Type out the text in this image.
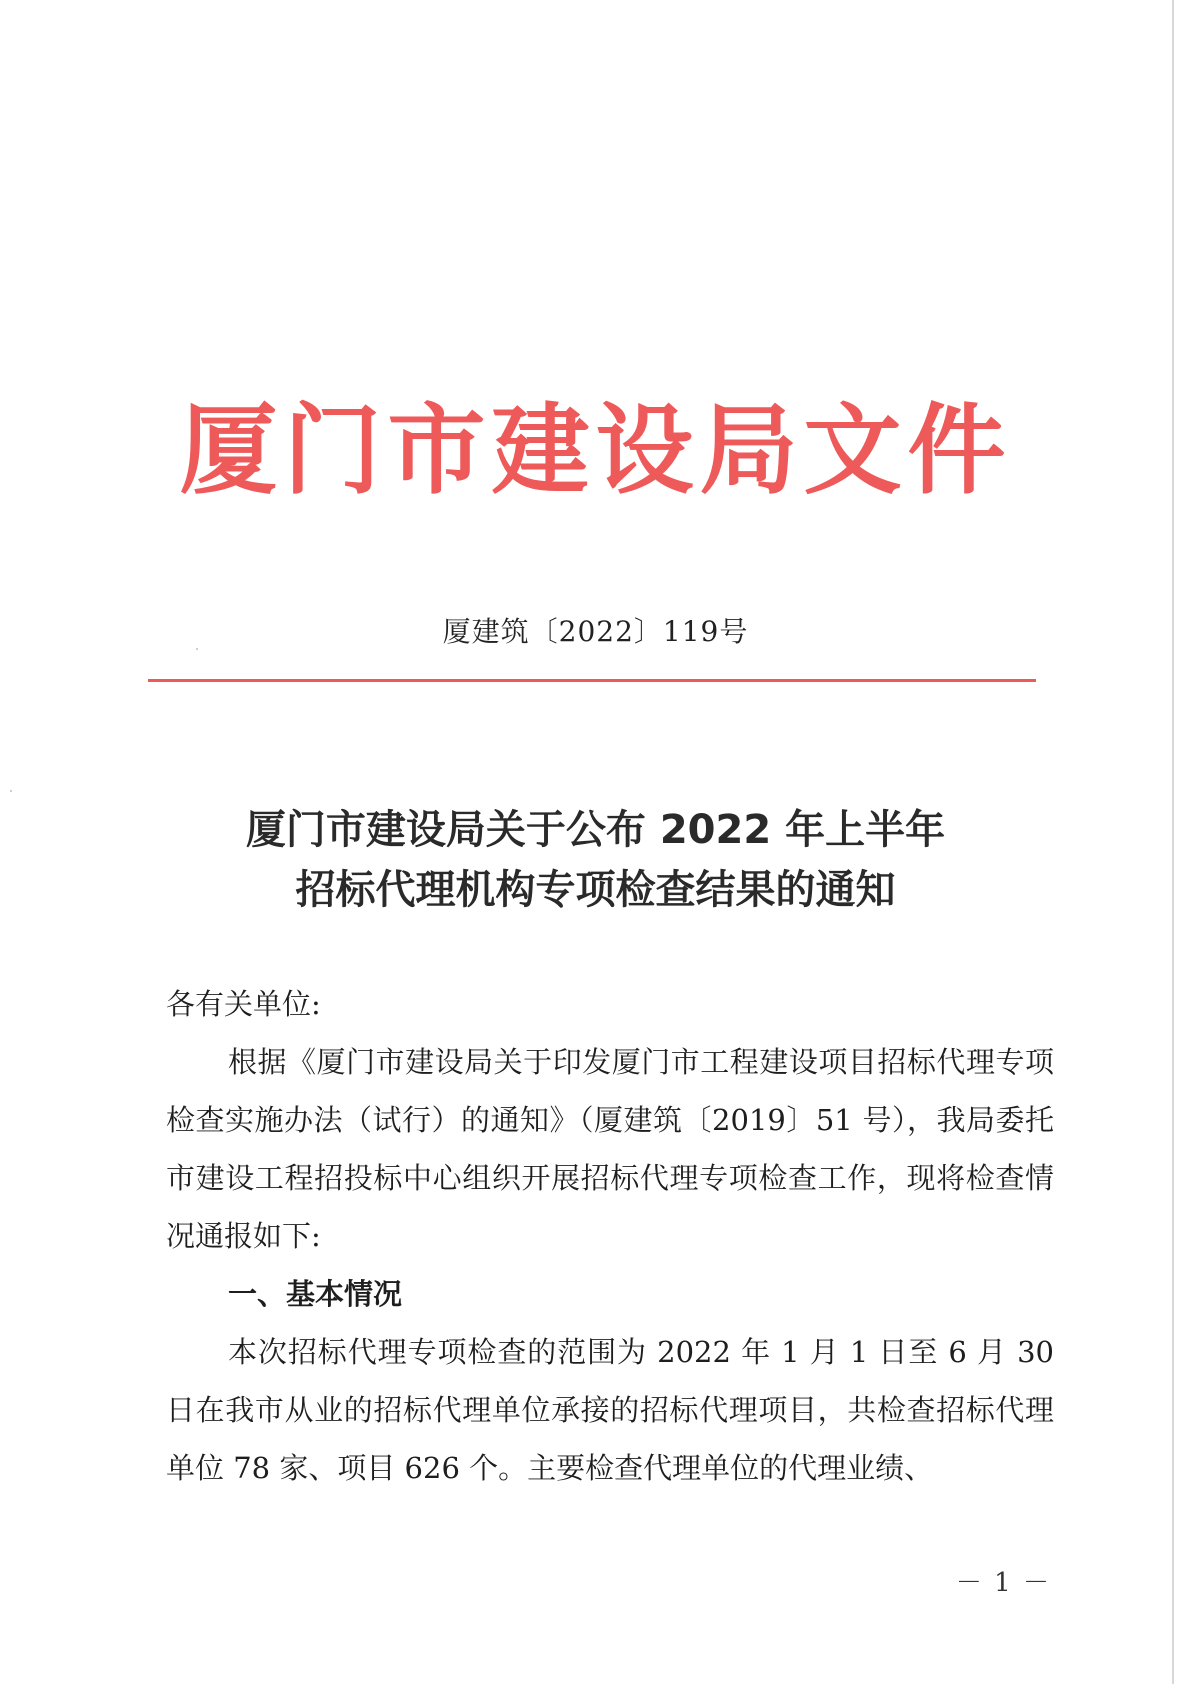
厦门市建设局文件
厦建筑〔2022〕119号
厦门市建设局关于公布 2022 年上半年
招标代理机构专项检查结果的通知

各有关单位:

根据《厦门市建设局关于印发厦门市工程建设项目招标代理专项检查实施办法（试行）的通知》（厦建筑〔2019〕51 号），我局委托市建设工程招投标中心组织开展招标代理专项检查工作，现将检查情况通报如下:

一、基本情况

本次招标代理专项检查的范围为 2022 年 1 月 1 日至 6 月 30 日在我市从业的招标代理单位承接的招标代理项目，共检查招标代理单位 78 家、项目 626 个。主要检查代理单位的代理业绩、

－ 1 －
